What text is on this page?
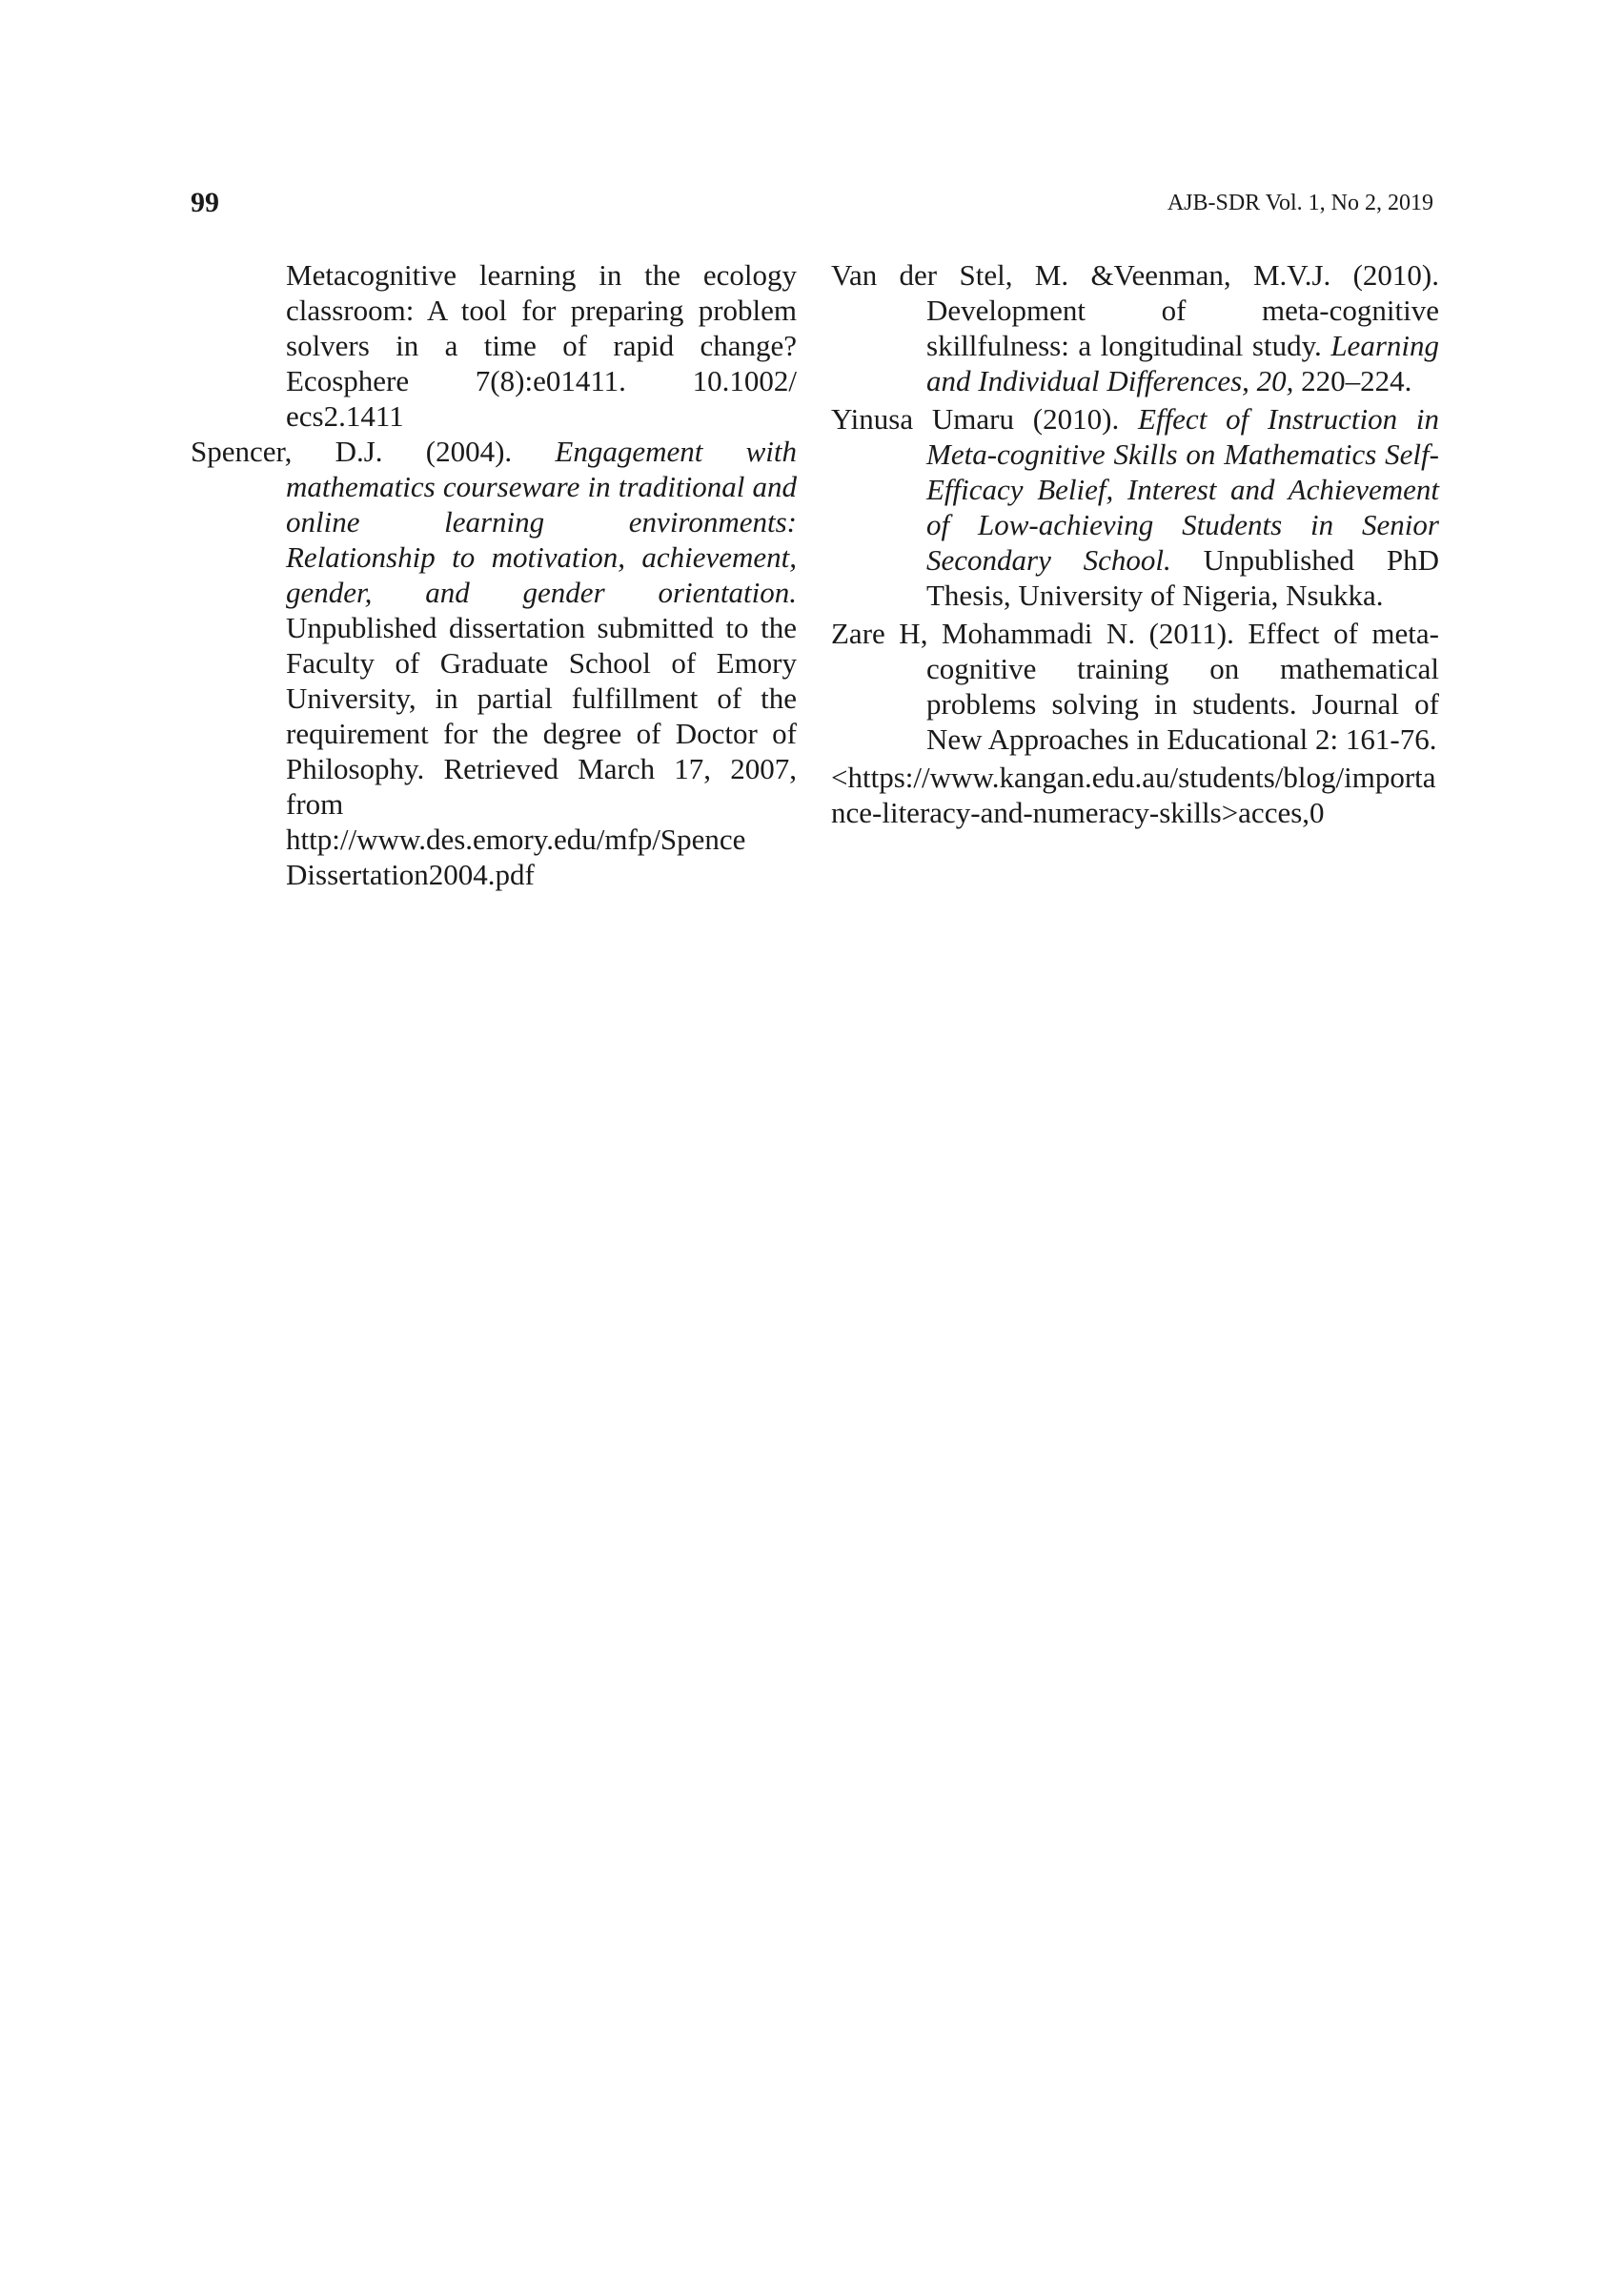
99	AJB-SDR Vol. 1, No 2, 2019

Metacognitive learning in the ecology classroom: A tool for preparing problem solvers in a time of rapid change? Ecosphere 7(8):e01411. 10.1002/ ecs2.1411

Spencer, D.J. (2004). Engagement with mathematics courseware in traditional and online learning environments: Relationship to motivation, achievement, gender, and gender orientation. Unpublished dissertation submitted to the Faculty of Graduate School of Emory University, in partial fulfillment of the requirement for the degree of Doctor of Philosophy. Retrieved March 17, 2007, from http://www.des.emory.edu/mfp/Spence Dissertation2004.pdf

Van der Stel, M. &Veenman, M.V.J. (2010). Development of meta-cognitive skillfulness: a longitudinal study. Learning and Individual Differences, 20, 220–224.

Yinusa Umaru (2010). Effect of Instruction in Meta-cognitive Skills on Mathematics Self-Efficacy Belief, Interest and Achievement of Low-achieving Students in Senior Secondary School. Unpublished PhD Thesis, University of Nigeria, Nsukka.

Zare H, Mohammadi N. (2011). Effect of meta-cognitive training on mathematical problems solving in students. Journal of New Approaches in Educational 2: 161-76.

<https://www.kangan.edu.au/students/blog/importance-literacy-and-numeracy-skills>acces,0
